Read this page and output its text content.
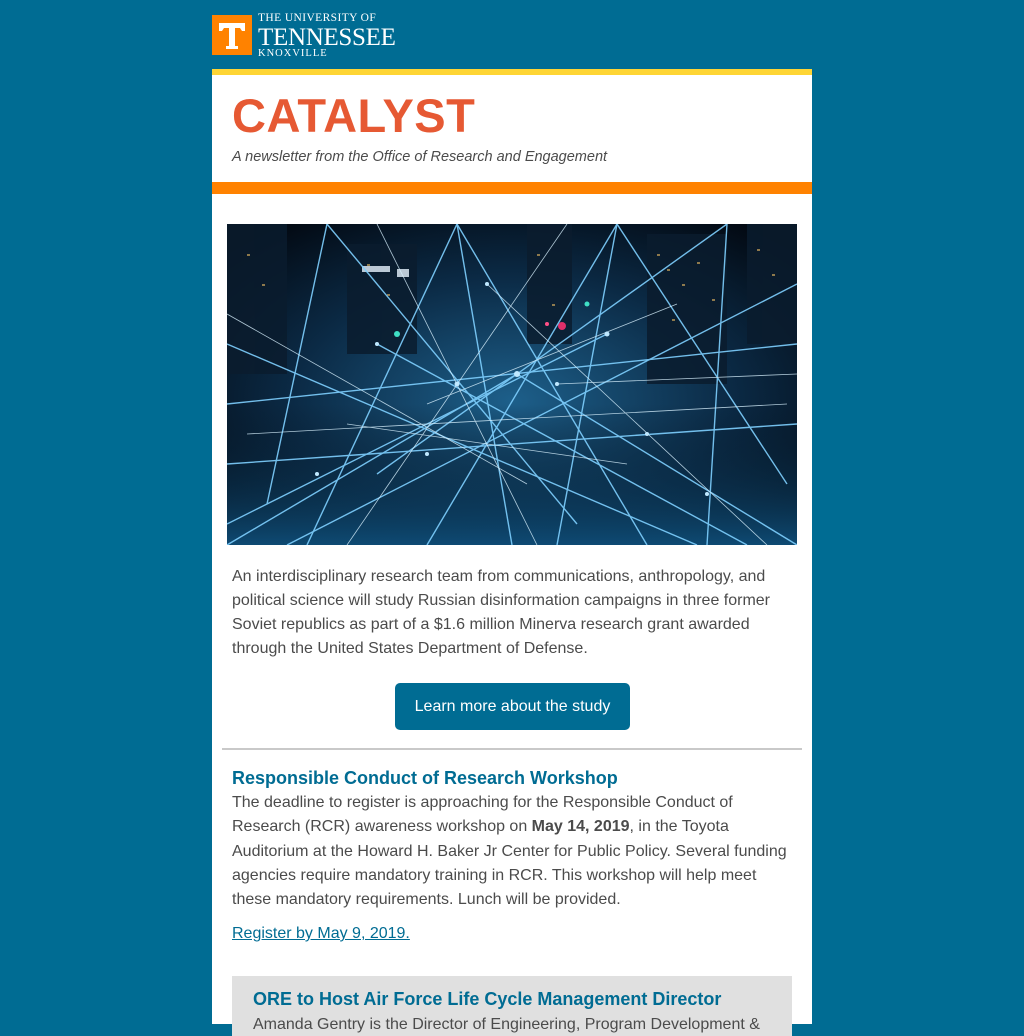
THE UNIVERSITY OF
TENNESSEE
KNOXVILLE
CATALYST
A newsletter from the Office of Research and Engagement

An interdisciplinary research team from communications, anthropology, and political science will study Russian disinformation campaigns in three former Soviet republics as part of a $1.6 million Minerva research grant awarded through the United States Department of Defense.

Learn more about the study
Responsible Conduct of Research Workshop

The deadline to register is approaching for the Responsible Conduct of Research (RCR) awareness workshop on May 14, 2019, in the Toyota Auditorium at the Howard H. Baker Jr Center for Public Policy. Several funding agencies require mandatory training in RCR. This workshop will help meet these mandatory requirements. Lunch will be provided.

Register by May 9, 2019.
ORE to Host Air Force Life Cycle Management Director
Amanda Gentry is the Director of Engineering, Program Development &
